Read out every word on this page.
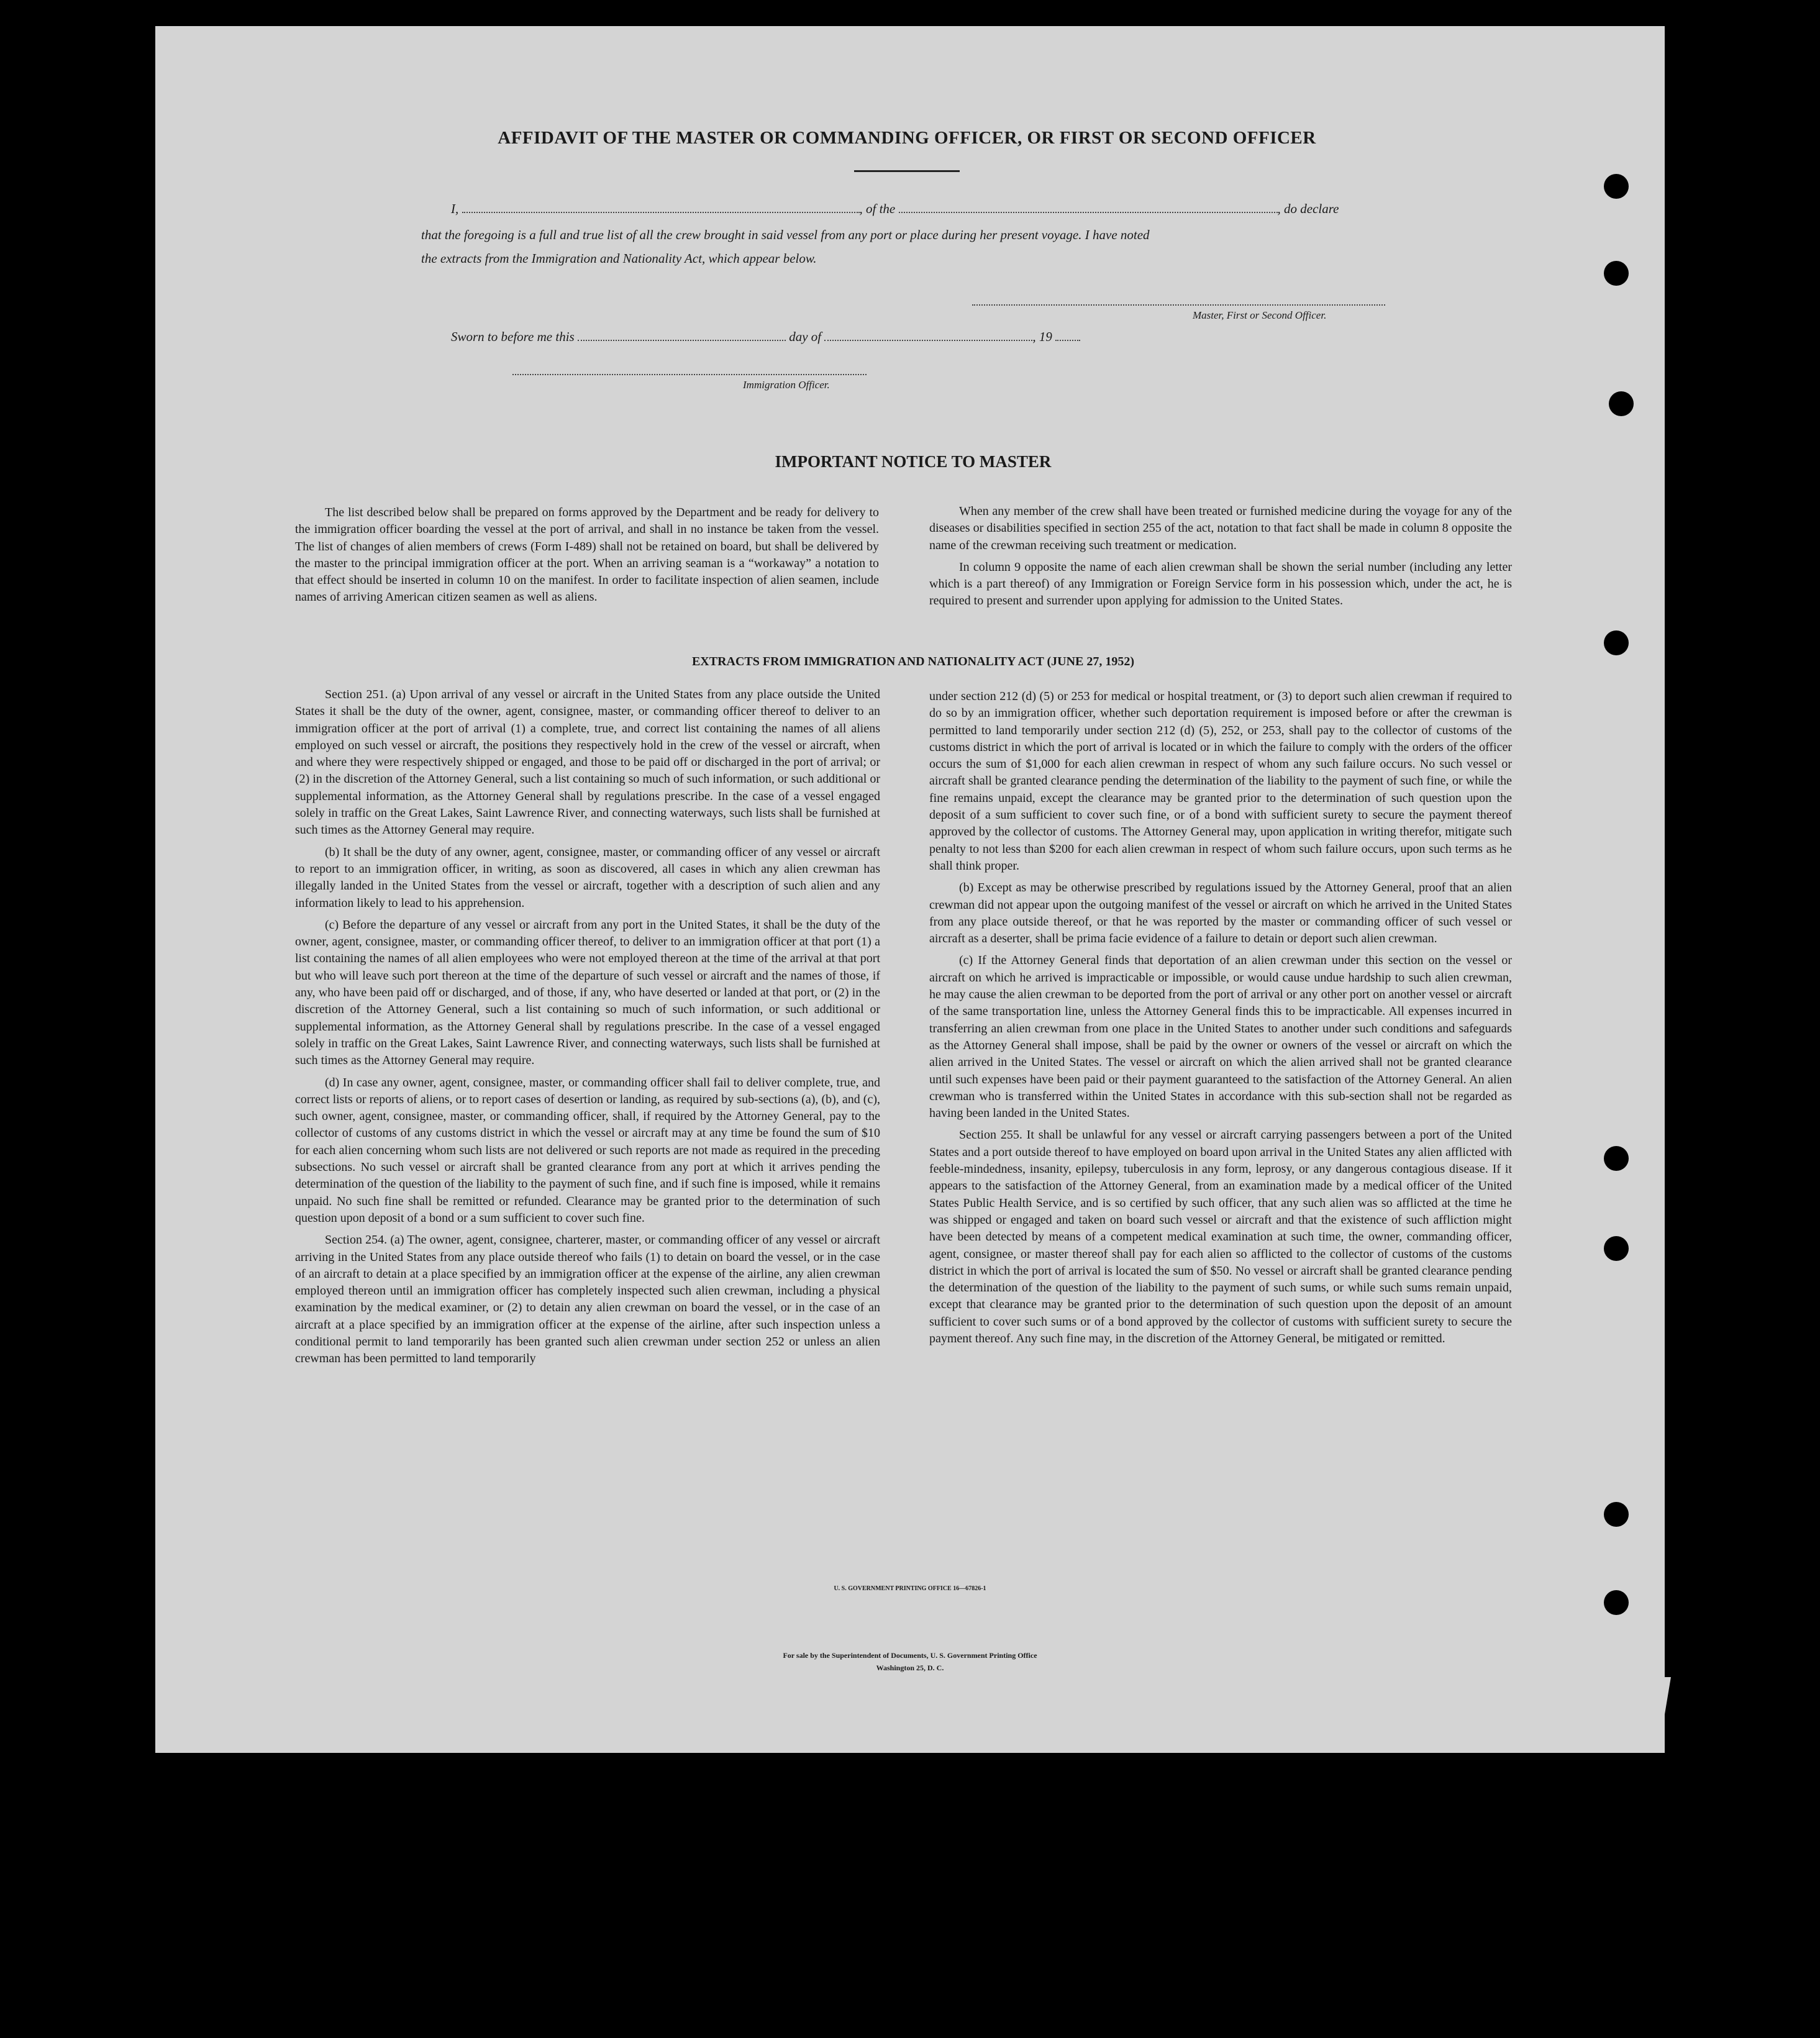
AFFIDAVIT OF THE MASTER OR COMMANDING OFFICER, OR FIRST OR SECOND OFFICER
I,	, of the	, do declare
that the foregoing is a full and true list of all the crew brought in said vessel from any port or place during her present voyage. I have noted
the extracts from the Immigration and Nationality Act, which appear below.
Master, First or Second Officer.
Sworn to before me this	day of	, 19
Immigration Officer.
IMPORTANT NOTICE TO MASTER

The list described below shall be prepared on forms approved by the Department and be ready for delivery to the immigration officer boarding the vessel at the port of arrival, and shall in no instance be taken from the vessel. The list of changes of alien members of crews (Form I-489) shall not be retained on board, but shall be delivered by the master to the principal immigration officer at the port. When an arriving seaman is a “workaway” a notation to that effect should be inserted in column 10 on the manifest. In order to facilitate inspection of alien seamen, include names of arriving American citizen seamen as well as aliens.

When any member of the crew shall have been treated or furnished medicine during the voyage for any of the diseases or disabilities specified in section 255 of the act, notation to that fact shall be made in column 8 opposite the name of the crewman receiving such treatment or medication.

In column 9 opposite the name of each alien crewman shall be shown the serial number (including any letter which is a part thereof) of any Immigration or Foreign Service form in his possession which, under the act, he is required to present and surrender upon applying for admission to the United States.

EXTRACTS FROM IMMIGRATION AND NATIONALITY ACT (JUNE 27, 1952)

Section 251. (a) Upon arrival of any vessel or aircraft in the United States from any place outside the United States it shall be the duty of the owner, agent, consignee, master, or commanding officer thereof to deliver to an immigration officer at the port of arrival (1) a complete, true, and correct list containing the names of all aliens employed on such vessel or aircraft, the positions they respectively hold in the crew of the vessel or aircraft, when and where they were respectively shipped or engaged, and those to be paid off or discharged in the port of arrival; or (2) in the discretion of the Attorney General, such a list containing so much of such information, or such additional or supplemental information, as the Attorney General shall by regulations prescribe. In the case of a vessel engaged solely in traffic on the Great Lakes, Saint Lawrence River, and connecting waterways, such lists shall be furnished at such times as the Attorney General may require.

(b) It shall be the duty of any owner, agent, consignee, master, or commanding officer of any vessel or aircraft to report to an immigration officer, in writing, as soon as discovered, all cases in which any alien crewman has illegally landed in the United States from the vessel or aircraft, together with a description of such alien and any information likely to lead to his apprehension.

(c) Before the departure of any vessel or aircraft from any port in the United States, it shall be the duty of the owner, agent, consignee, master, or commanding officer thereof, to deliver to an immigration officer at that port (1) a list containing the names of all alien employees who were not employed thereon at the time of the arrival at that port but who will leave such port thereon at the time of the departure of such vessel or aircraft and the names of those, if any, who have been paid off or discharged, and of those, if any, who have deserted or landed at that port, or (2) in the discretion of the Attorney General, such a list containing so much of such information, or such additional or supplemental information, as the Attorney General shall by regulations prescribe. In the case of a vessel engaged solely in traffic on the Great Lakes, Saint Lawrence River, and connecting waterways, such lists shall be furnished at such times as the Attorney General may require.

(d) In case any owner, agent, consignee, master, or commanding officer shall fail to deliver complete, true, and correct lists or reports of aliens, or to report cases of desertion or landing, as required by sub-sections (a), (b), and (c), such owner, agent, consignee, master, or commanding officer, shall, if required by the Attorney General, pay to the collector of customs of any customs district in which the vessel or aircraft may at any time be found the sum of $10 for each alien concerning whom such lists are not delivered or such reports are not made as required in the preceding subsections. No such vessel or aircraft shall be granted clearance from any port at which it arrives pending the determination of the question of the liability to the payment of such fine, and if such fine is imposed, while it remains unpaid. No such fine shall be remitted or refunded. Clearance may be granted prior to the determination of such question upon deposit of a bond or a sum sufficient to cover such fine.

Section 254. (a) The owner, agent, consignee, charterer, master, or commanding officer of any vessel or aircraft arriving in the United States from any place outside thereof who fails (1) to detain on board the vessel, or in the case of an aircraft to detain at a place specified by an immigration officer at the expense of the airline, any alien crewman employed thereon until an immigration officer has completely inspected such alien crewman, including a physical examination by the medical examiner, or (2) to detain any alien crewman on board the vessel, or in the case of an aircraft at a place specified by an immigration officer at the expense of the airline, after such inspection unless a conditional permit to land temporarily has been granted such alien crewman under section 252 or unless an alien crewman has been permitted to land temporarily

under section 212 (d) (5) or 253 for medical or hospital treatment, or (3) to deport such alien crewman if required to do so by an immigration officer, whether such deportation requirement is imposed before or after the crewman is permitted to land temporarily under section 212 (d) (5), 252, or 253, shall pay to the collector of customs of the customs district in which the port of arrival is located or in which the failure to comply with the orders of the officer occurs the sum of $1,000 for each alien crewman in respect of whom any such failure occurs. No such vessel or aircraft shall be granted clearance pending the determination of the liability to the payment of such fine, or while the fine remains unpaid, except the clearance may be granted prior to the determination of such question upon the deposit of a sum sufficient to cover such fine, or of a bond with sufficient surety to secure the payment thereof approved by the collector of customs. The Attorney General may, upon application in writing therefor, mitigate such penalty to not less than $200 for each alien crewman in respect of whom such failure occurs, upon such terms as he shall think proper.

(b) Except as may be otherwise prescribed by regulations issued by the Attorney General, proof that an alien crewman did not appear upon the outgoing manifest of the vessel or aircraft on which he arrived in the United States from any place outside thereof, or that he was reported by the master or commanding officer of such vessel or aircraft as a deserter, shall be prima facie evidence of a failure to detain or deport such alien crewman.

(c) If the Attorney General finds that deportation of an alien crewman under this section on the vessel or aircraft on which he arrived is impracticable or impossible, or would cause undue hardship to such alien crewman, he may cause the alien crewman to be deported from the port of arrival or any other port on another vessel or aircraft of the same transportation line, unless the Attorney General finds this to be impracticable. All expenses incurred in transferring an alien crewman from one place in the United States to another under such conditions and safeguards as the Attorney General shall impose, shall be paid by the owner or owners of the vessel or aircraft on which the alien arrived in the United States. The vessel or aircraft on which the alien arrived shall not be granted clearance until such expenses have been paid or their payment guaranteed to the satisfaction of the Attorney General. An alien crewman who is transferred within the United States in accordance with this sub-section shall not be regarded as having been landed in the United States.

Section 255. It shall be unlawful for any vessel or aircraft carrying passengers between a port of the United States and a port outside thereof to have employed on board upon arrival in the United States any alien afflicted with feeble-mindedness, insanity, epilepsy, tuberculosis in any form, leprosy, or any dangerous contagious disease. If it appears to the satisfaction of the Attorney General, from an examination made by a medical officer of the United States Public Health Service, and is so certified by such officer, that any such alien was so afflicted at the time he was shipped or engaged and taken on board such vessel or aircraft and that the existence of such affliction might have been detected by means of a competent medical examination at such time, the owner, commanding officer, agent, consignee, or master thereof shall pay for each alien so afflicted to the collector of customs of the customs district in which the port of arrival is located the sum of $50. No vessel or aircraft shall be granted clearance pending the determination of the question of the liability to the payment of such sums, or while such sums remain unpaid, except that clearance may be granted prior to the determination of such question upon the deposit of an amount sufficient to cover such sums or of a bond approved by the collector of customs with sufficient surety to secure the payment thereof. Any such fine may, in the discretion of the Attorney General, be mitigated or remitted.

U. S. GOVERNMENT PRINTING OFFICE 16—67826-1
For sale by the Superintendent of Documents, U. S. Government Printing Office
Washington 25, D. C.
